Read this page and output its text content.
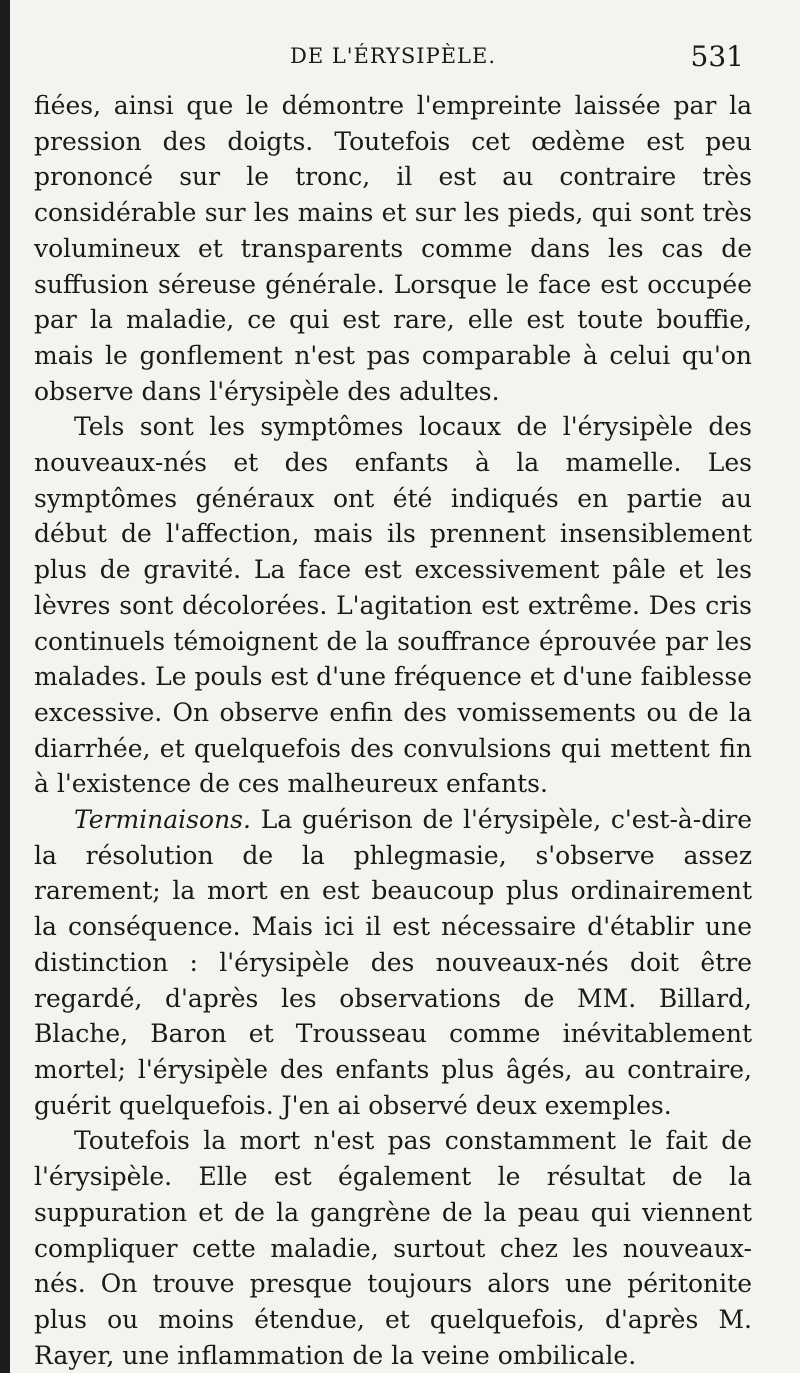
DE L'ÉRYSIPÈLE.	531

fiées, ainsi que le démontre l'empreinte laissée par la pression des doigts. Toutefois cet œdème est peu prononcé sur le tronc, il est au contraire très considérable sur les mains et sur les pieds, qui sont très volumineux et transparents comme dans les cas de suffusion séreuse générale. Lorsque le face est occupée par la maladie, ce qui est rare, elle est toute bouffie, mais le gonflement n'est pas comparable à celui qu'on observe dans l'érysipèle des adultes.

Tels sont les symptômes locaux de l'érysipèle des nouveaux-nés et des enfants à la mamelle. Les symptômes généraux ont été indiqués en partie au début de l'affection, mais ils prennent insensiblement plus de gravité. La face est excessivement pâle et les lèvres sont décolorées. L'agitation est extrême. Des cris continuels témoignent de la souffrance éprouvée par les malades. Le pouls est d'une fréquence et d'une faiblesse excessive. On observe enfin des vomissements ou de la diarrhée, et quelquefois des convulsions qui mettent fin à l'existence de ces malheureux enfants.

Terminaisons. La guérison de l'érysipèle, c'est-à-dire la résolution de la phlegmasie, s'observe assez rarement; la mort en est beaucoup plus ordinairement la conséquence. Mais ici il est nécessaire d'établir une distinction : l'érysipèle des nouveaux-nés doit être regardé, d'après les observations de MM. Billard, Blache, Baron et Trousseau comme inévitablement mortel; l'érysipèle des enfants plus âgés, au contraire, guérit quelquefois. J'en ai observé deux exemples.

Toutefois la mort n'est pas constamment le fait de l'érysipèle. Elle est également le résultat de la suppuration et de la gangrène de la peau qui viennent compliquer cette maladie, surtout chez les nouveaux-nés. On trouve presque toujours alors une péritonite plus ou moins étendue, et quelquefois, d'après M. Rayer, une inflammation de la veine ombilicale.
